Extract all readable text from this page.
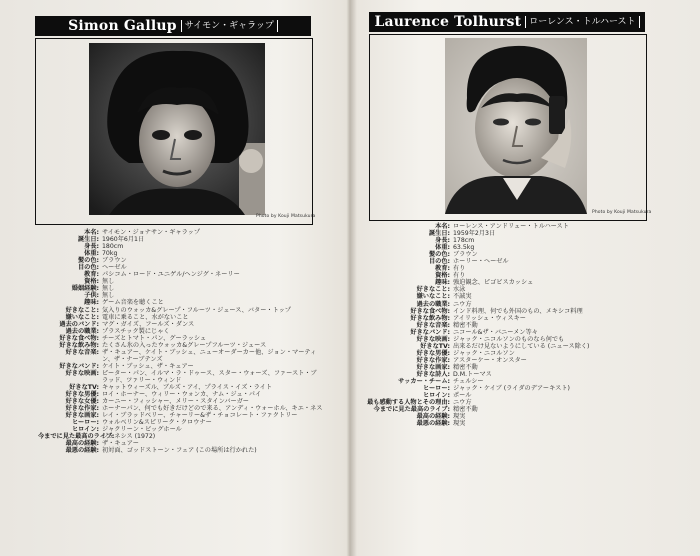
Simon Gallup サイモン・ギャラップ
Photo by Kouji Matsukura
本名: サイモン・ジョナサン・ギャラップ
誕生日: 1960年6月1日
身長: 180cm
体重: 70kg
髪の色: ブラウン
目の色: ヘーゼル
教育: パシコム・ロード・ユニゲル/ヘンジグ・ネーリー
資格: 無し
婚姻経験: 無し
子供: 無し
趣味: ゲーム音楽を聴くこと
好きなこと: 気入りのウォッカ&グレープ・フルーツ・ジュース、バター・トップ
嫌いなこと: 電車に乗ること、水がないこと
過去のバンド: マグ・ガイズ、フールズ・ダンス
過去の職業: プラスチック製にじゃく
好きな食べ物: チーズとトマト・パン、グーラッシュ
好きな飲み物: たくさん氷の入ったウォッカ&グレープフルーツ・ジュース
好きな音楽: ザ・キュアー、ケイト・ブッシュ、ニューオーダーカー他、ジョン・マーティン、ザ・ナーブテンズ
好きなバンド: ケイト・ブッシュ、ザ・キュアー
好きな映画: ピーター・パン、イルマ・ラ・ドゥース、スター・ウォーズ、ファースト・ブラッド、ツァリー・ウィンド
好きなTV: キャットウィーズル、ブルズ・アイ、プライス・イズ・ライト
好きな男優: ロイ・ホーナー、ウィリー・ウォンカ、ナム・ジュ・パイ
好きな女優: カーニー・フィッシャー、メリー・スタインバーガー
好きな作家: ホーナーパン、何でも好きだけどので来る、アンディ・ウォーホル、キエ・ネス
好きな画家: レイ・ブラッドベリー、チャーリー&ザ・チョコレート・ファクトリー
ヒーロー: ウォルベリン&スピリーク・クロウナー
ヒロイン: ジャクリーン・ビッグホール
今までに見た最高のライブ:
ジェネシス (1972)
最高の経験: ザ・キュアー
最悪の経験: 初対面、ゴッドストーン・フェア (この場所は行かれた)
Laurence Tolhurst ローレンス・トルハースト
Photo by Kouji Matsukura
本名: ローレンス・アンドリュー・トルハースト
誕生日: 1959年2月3日
身長: 178cm
体重: 63.5kg
髪の色: ブラウン
目の色: ホーリー・ヘーゼル
教育: 有り
資格: 有り
趣味: 強迫観念、ピゴビスカッシュ
好きなこと: 水泳
嫌いなこと: 不誠実
過去の職業: ニウ方
好きな食べ物: インド料理、何でも外国のもの、メキシコ料理
好きな飲み物: アイリッシュ・ウィスキー
好きな音楽: 精密不動
好きなバンド: ニコール&ザ・バニーメン等々
好きな映画: ジャック・ニコルソンのものなら何でも
好きなTV: 出来るだけ見ないようにしている (ニュース除く)
好きな男優: ジャック・ニコルソン
好きな作家: アスターケー・オンスター
好きな画家: 精密不動
好きな詩人: D.M.トーマス
サッカー・チーム: チェルシー
ヒーロー: ジャック・ケイブ (ライダのデアーキスト)
ヒロイン: ポール
最も感動する人物とその理由: ニウ方
今までに見た最高のライブ: 精密不動
最高の経験: 現実
最悪の経験: 現実
